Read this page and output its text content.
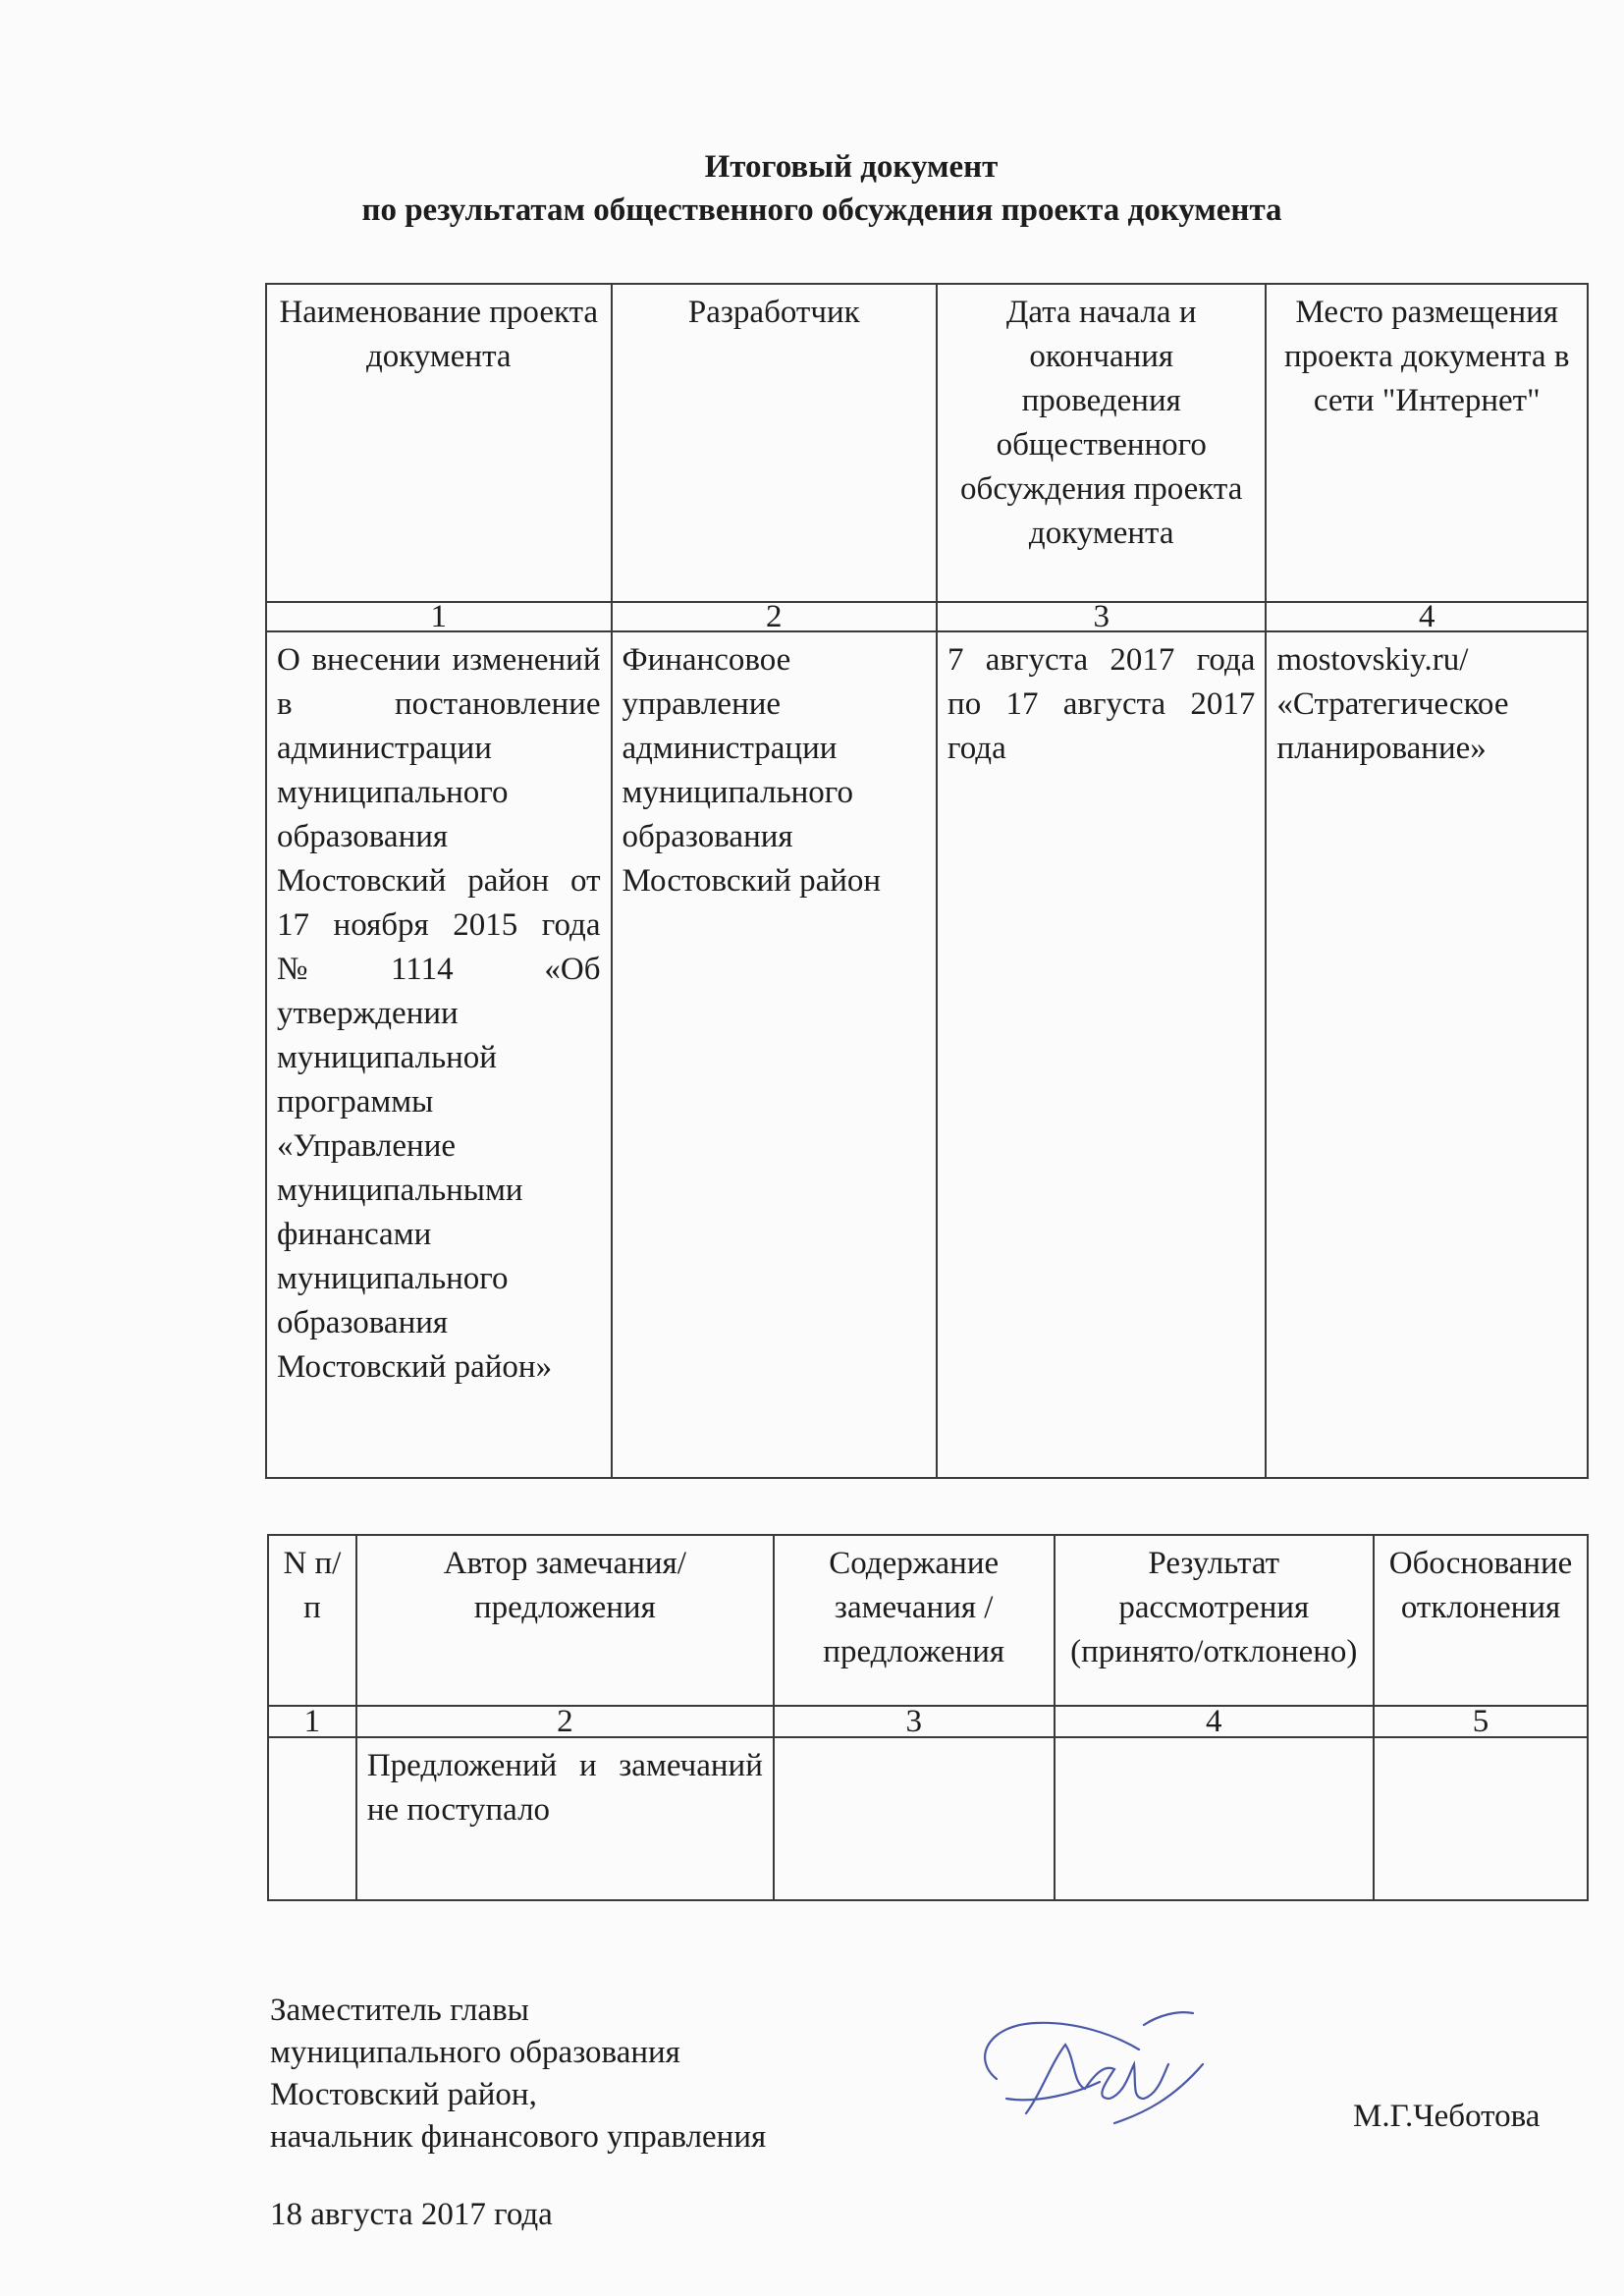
Итоговый документ
по результатам общественного обсуждения проекта документа
Наименование проекта документа	Разработчик	Дата начала и окончания проведения общественного обсуждения проекта документа	Место размещения проекта документа в сети "Интернет"
1	2	3	4
О внесении изменений в постановление администрации муниципального образования Мостовский район от 17 ноября 2015 года №1114 «Об утверждении муниципальной программы «Управление муниципальными финансами муниципального образования Мостовский район»	Финансовое управление администрации муниципального образования Мостовский район	7 августа 2017 года по 17 августа 2017 года	mostovskiy.ru/ «Стратегическое планирование»
N п/п	Автор замечания/предложения	Содержание замечания / предложения	Результат рассмотрения (принято/отклонено)	Обоснование отклонения
1	2	3	4	5
	Предложений и замечаний не поступало			
Заместитель главы
муниципального образования
Мостовский район,
начальник финансового управления
М.Г.Чеботова
18 августа 2017 года
